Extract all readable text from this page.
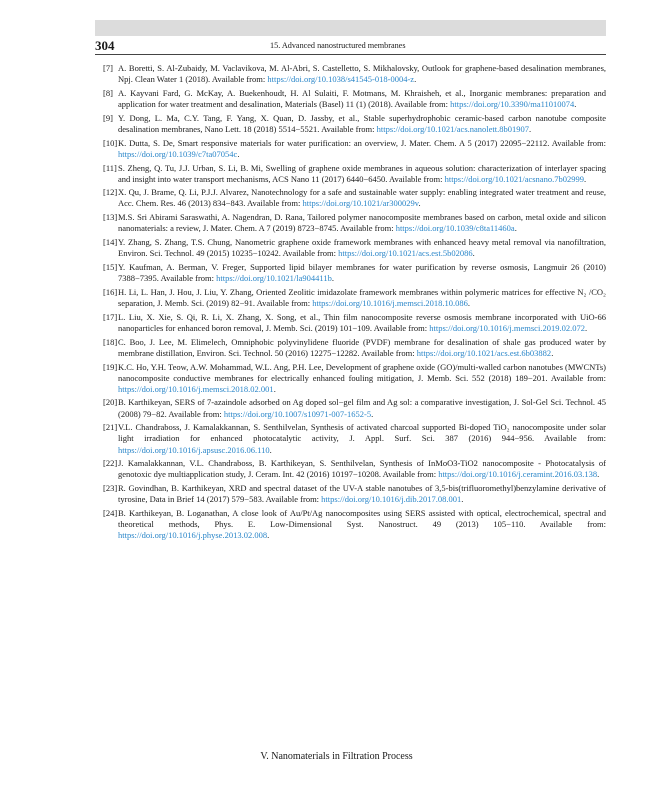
304	15. Advanced nanostructured membranes
[7] A. Boretti, S. Al-Zubaidy, M. Vaclavikova, M. Al-Abri, S. Castelletto, S. Mikhalovsky, Outlook for graphene-based desalination membranes, Npj. Clean Water 1 (2018). Available from: https://doi.org/10.1038/s41545-018-0004-z.
[8] A. Kayvani Fard, G. McKay, A. Buekenhoudt, H. Al Sulaiti, F. Motmans, M. Khraisheh, et al., Inorganic membranes: preparation and application for water treatment and desalination, Materials (Basel) 11 (1) (2018). Available from: https://doi.org/10.3390/ma11010074.
[9] Y. Dong, L. Ma, C.Y. Tang, F. Yang, X. Quan, D. Jassby, et al., Stable superhydrophobic ceramic-based carbon nanotube composite desalination membranes, Nano Lett. 18 (2018) 5514−5521. Available from: https://doi.org/10.1021/acs.nanolett.8b01907.
[10] K. Dutta, S. De, Smart responsive materials for water purification: an overview, J. Mater. Chem. A 5 (2017) 22095−22112. Available from: https://doi.org/10.1039/c7ta07054c.
[11] S. Zheng, Q. Tu, J.J. Urban, S. Li, B. Mi, Swelling of graphene oxide membranes in aqueous solution: characterization of interlayer spacing and insight into water transport mechanisms, ACS Nano 11 (2017) 6440−6450. Available from: https://doi.org/10.1021/acsnano.7b02999.
[12] X. Qu, J. Brame, Q. Li, P.J.J. Alvarez, Nanotechnology for a safe and sustainable water supply: enabling integrated water treatment and reuse, Acc. Chem. Res. 46 (2013) 834−843. Available from: https://doi.org/10.1021/ar300029v.
[13] M.S. Sri Abirami Saraswathi, A. Nagendran, D. Rana, Tailored polymer nanocomposite membranes based on carbon, metal oxide and silicon nanomaterials: a review, J. Mater. Chem. A 7 (2019) 8723−8745. Available from: https://doi.org/10.1039/c8ta11460a.
[14] Y. Zhang, S. Zhang, T.S. Chung, Nanometric graphene oxide framework membranes with enhanced heavy metal removal via nanofiltration, Environ. Sci. Technol. 49 (2015) 10235−10242. Available from: https://doi.org/10.1021/acs.est.5b02086.
[15] Y. Kaufman, A. Berman, V. Freger, Supported lipid bilayer membranes for water purification by reverse osmosis, Langmuir 26 (2010) 7388−7395. Available from: https://doi.org/10.1021/la904411b.
[16] H. Li, L. Han, J. Hou, J. Liu, Y. Zhang, Oriented Zeolitic imidazolate framework membranes within polymeric matrices for effective N₂ /CO₂ separation, J. Memb. Sci. (2019) 82−91. Available from: https://doi.org/10.1016/j.memsci.2018.10.086.
[17] L. Liu, X. Xie, S. Qi, R. Li, X. Zhang, X. Song, et al., Thin film nanocomposite reverse osmosis membrane incorporated with UiO-66 nanoparticles for enhanced boron removal, J. Memb. Sci. (2019) 101−109. Available from: https://doi.org/10.1016/j.memsci.2019.02.072.
[18] C. Boo, J. Lee, M. Elimelech, Omniphobic polyvinylidene fluoride (PVDF) membrane for desalination of shale gas produced water by membrane distillation, Environ. Sci. Technol. 50 (2016) 12275−12282. Available from: https://doi.org/10.1021/acs.est.6b03882.
[19] K.C. Ho, Y.H. Teow, A.W. Mohammad, W.L. Ang, P.H. Lee, Development of graphene oxide (GO)/multi-walled carbon nanotubes (MWCNTs) nanocomposite conductive membranes for electrically enhanced fouling mitigation, J. Memb. Sci. 552 (2018) 189−201. Available from: https://doi.org/10.1016/j.memsci.2018.02.001.
[20] B. Karthikeyan, SERS of 7-azaindole adsorbed on Ag doped sol−gel film and Ag sol: a comparative investigation, J. Sol-Gel Sci. Technol. 45 (2008) 79−82. Available from: https://doi.org/10.1007/s10971-007-1652-5.
[21] V.L. Chandraboss, J. Kamalakkannan, S. Senthilvelan, Synthesis of activated charcoal supported Bi-doped TiO₂ nanocomposite under solar light irradiation for enhanced photocatalytic activity, J. Appl. Surf. Sci. 387 (2016) 944−956. Available from: https://doi.org/10.1016/j.apsusc.2016.06.110.
[22] J. Kamalakkannan, V.L. Chandraboss, B. Karthikeyan, S. Senthilvelan, Synthesis of InMoO3-TiO2 nanocomposite - Photocatalysis of genotoxic dye multiapplication study, J. Ceram. Int. 42 (2016) 10197−10208. Available from: https://doi.org/10.1016/j.ceramint.2016.03.138.
[23] R. Govindhan, B. Karthikeyan, XRD and spectral dataset of the UV-A stable nanotubes of 3,5-bis(trifluoromethyl)benzylamine derivative of tyrosine, Data in Brief 14 (2017) 579−583. Available from: https://doi.org/10.1016/j.dib.2017.08.001.
[24] B. Karthikeyan, B. Loganathan, A close look of Au/Pt/Ag nanocomposites using SERS assisted with optical, electrochemical, spectral and theoretical methods, Phys. E. Low-Dimensional Syst. Nanostruct. 49 (2013) 105−110. Available from: https://doi.org/10.1016/j.physe.2013.02.008.
V. Nanomaterials in Filtration Process
